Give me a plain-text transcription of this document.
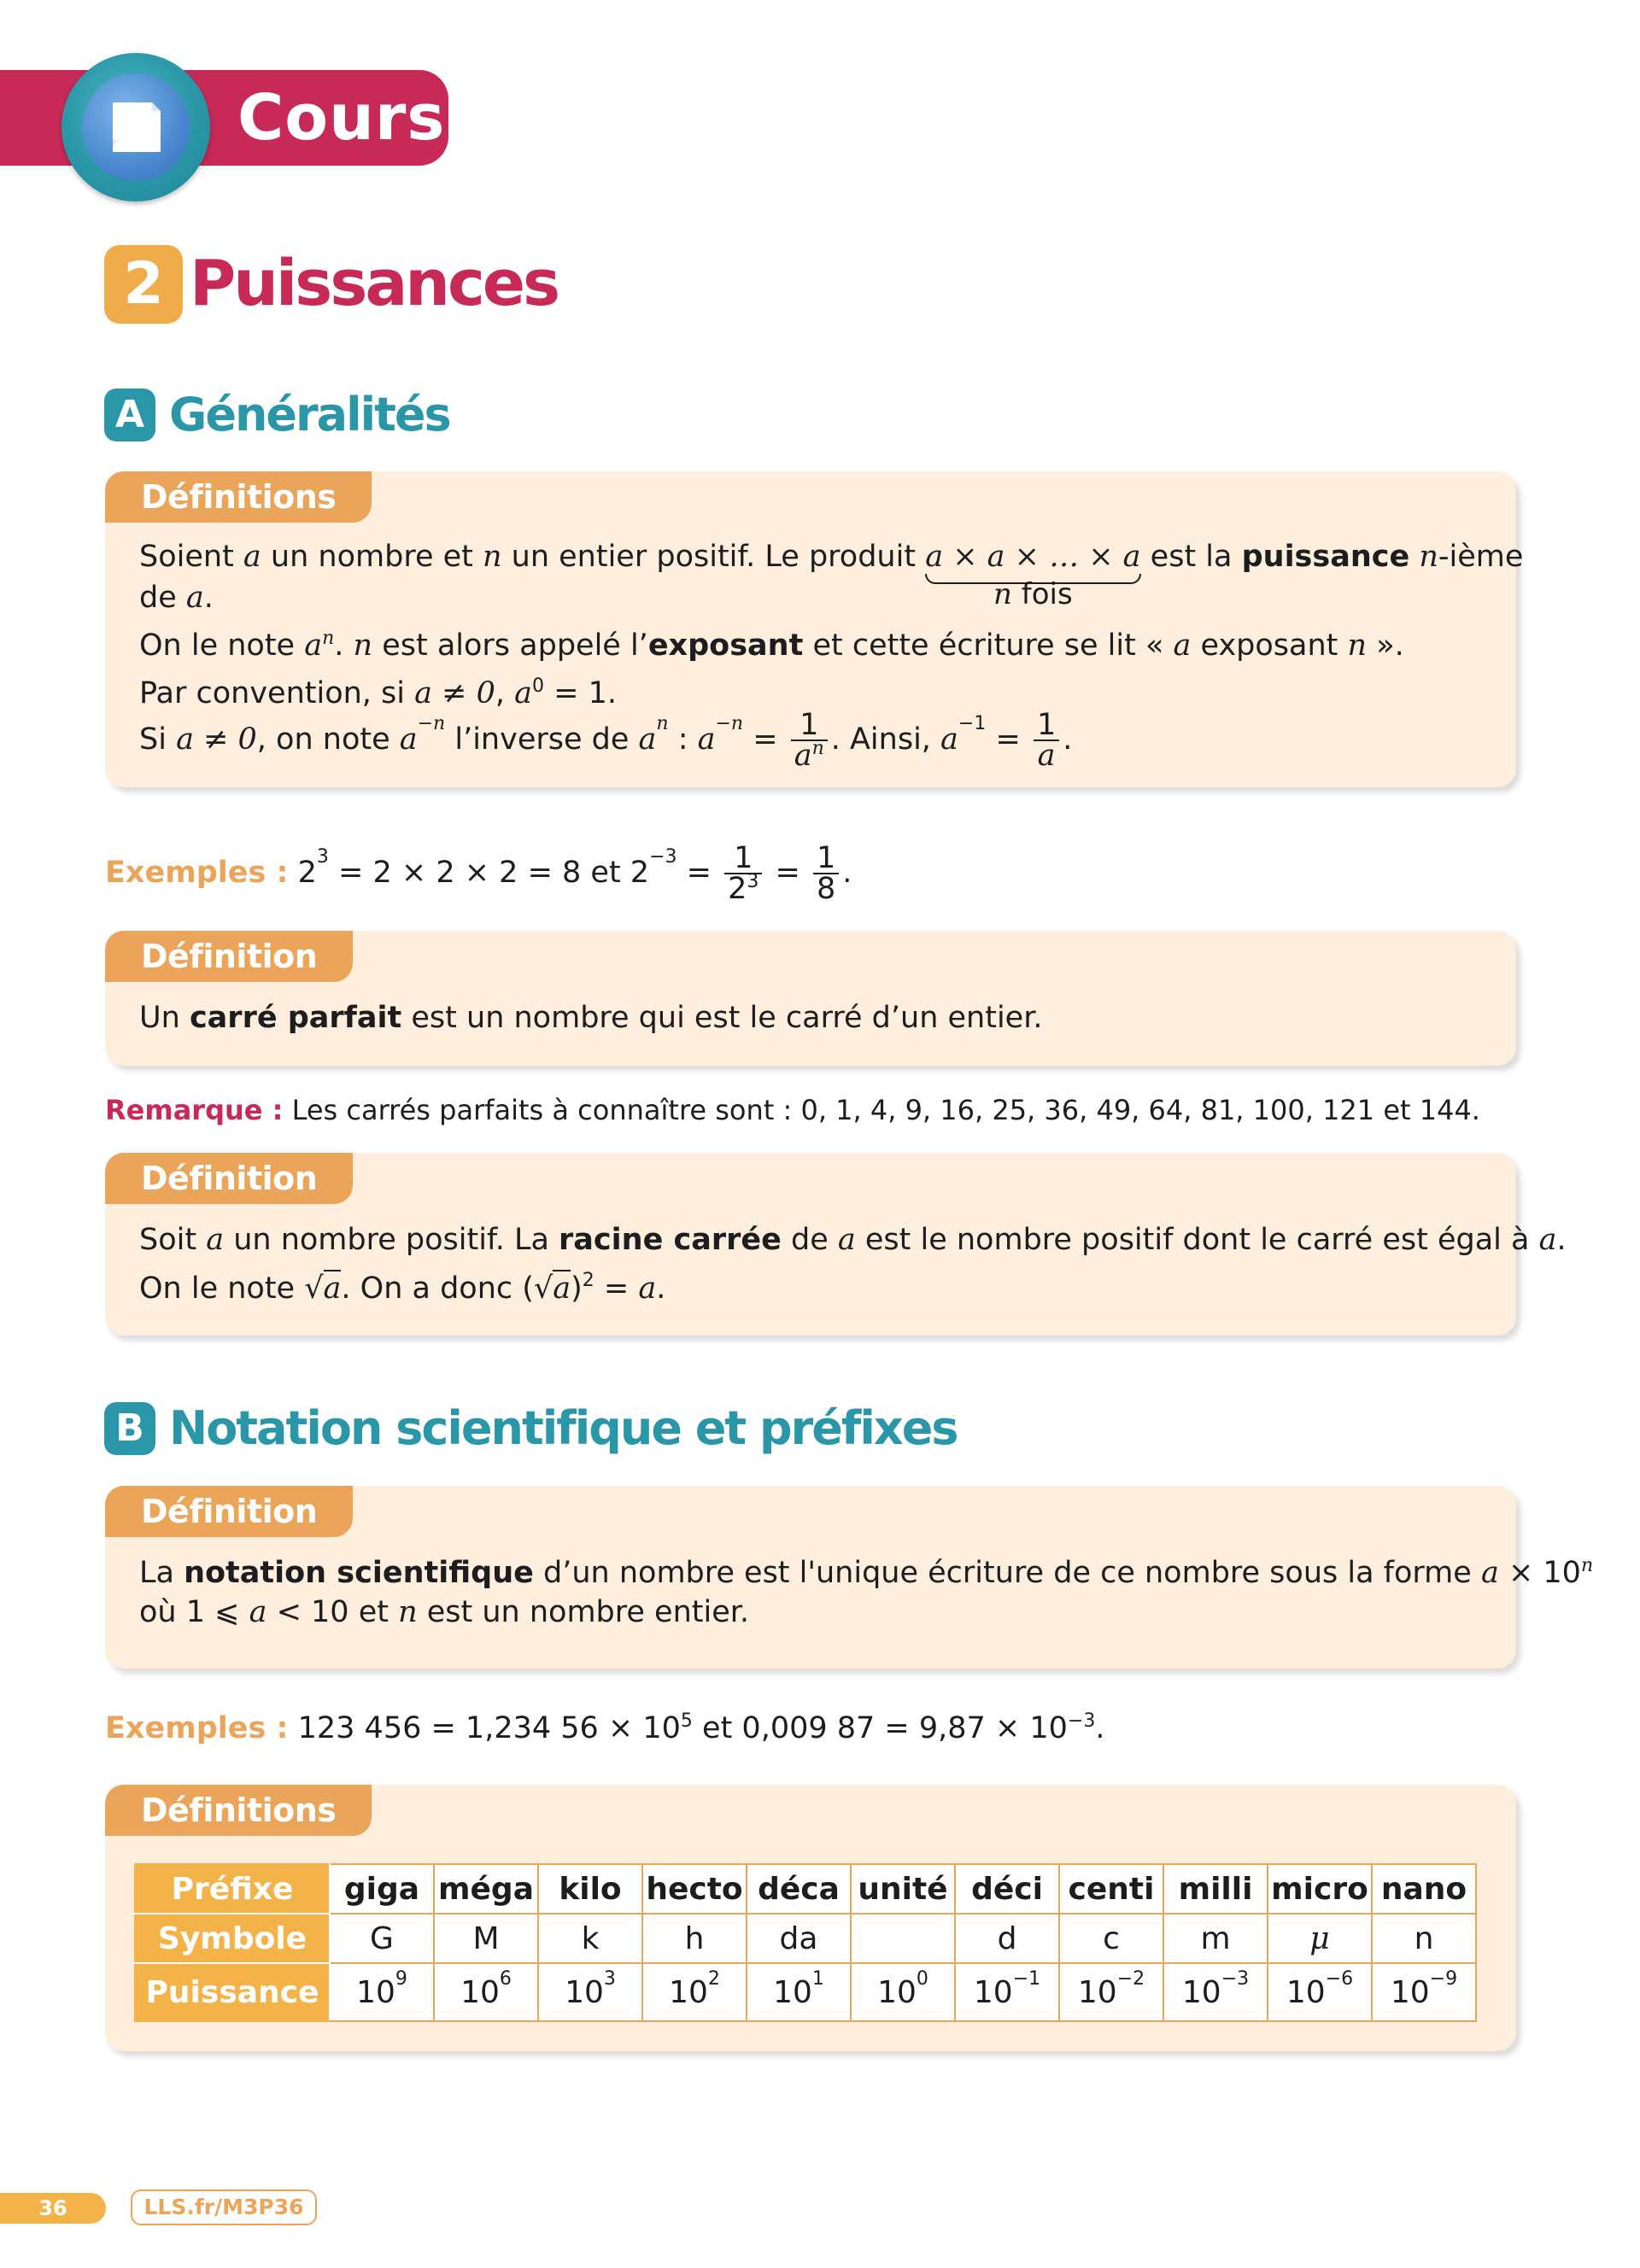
Cours
2 Puissances
A Généralités
Définitions
Soient a un nombre et n un entier positif. Le produit a × a × … × a
n fois
est la puissance n-ième
de a.
On le note $a^n$. n est alors appelé l’exposant et cette écriture se lit « a exposant n ».
Par convention, si a ≠ 0, $a^0 = 1$.
Si a ≠ 0, on note $a^{-n}$ l’inverse de $a^n$ : $a^{-n} = \frac{1}{a^n}$ . Ainsi, $a^{-1} = \frac{1}{a}$ .
Exemples : $2^3 = 2 \times 2 \times 2 = 8$ et $2^{-3} = \frac{1}{2^3} = \frac{1}{8}$ .
Définition
Un carré parfait est un nombre qui est le carré d’un entier.
Remarque : Les carrés parfaits à connaître sont : 0, 1, 4, 9, 16, 25, 36, 49, 64, 81, 100, 121 et 144.
Définition
Soit a un nombre positif. La racine carrée de a est le nombre positif dont le carré est égal à a.
On le note √a. On a donc $(√a)^2 = a$.
B Notation scientifique et préfixes
Définition
La notation scientifique d’un nombre est l'unique écriture de ce nombre sous la forme $a \times 10^n$
où 1 ⩽ a < 10 et n est un nombre entier.
Exemples : 123 456 = 1,234 $56 \times 10^5$ et 0,009 $87 = 9,87 \times 10^{-3}$.
Définitions
Préfixe	giga	méga	kilo	hecto	déca	unité	déci	centi	milli	micro	nano
Symbole	G	M	k	h	da		d	c	m	μ	n
Puissance	$10^9$	$10^6$	$10^3$	$10^2$	$10^1$	$10^0$	$10^{-1}$	$10^{-2}$	$10^{-3}$	$10^{-6}$	$10^{-9}$
36	LLS.fr/M3P36
